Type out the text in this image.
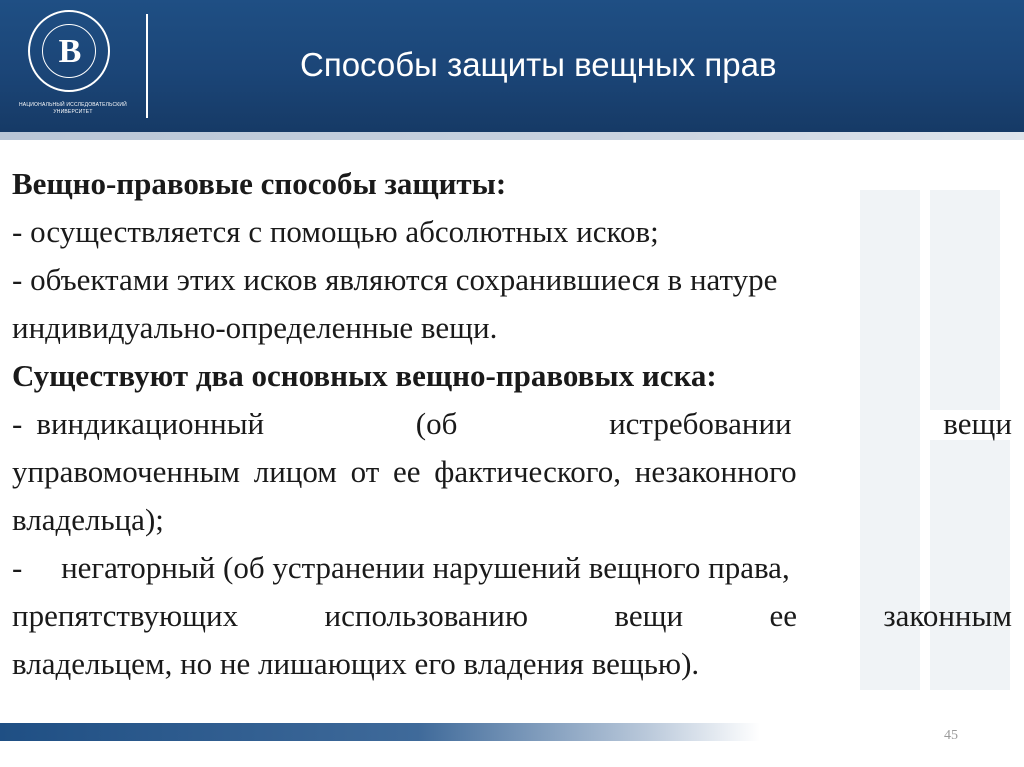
В
НАЦИОНАЛЬНЫЙ ИССЛЕДОВАТЕЛЬСКИЙ УНИВЕРСИТЕТ
Способы защиты вещных прав
Вещно-правовые способы защиты:
- осуществляется с помощью абсолютных исков;
- объектами этих исков являются сохранившиеся в натуре
индивидуально-определенные вещи.
Существуют два основных вещно-правовых иска:
- виндикационный	(об	истребовании	вещи
управомоченным лицом от ее фактического, незаконного
владельца);
-     негаторный (об устранении нарушений вещного права,
препятствующих	использованию	вещи	ее	законным
владельцем, но не лишающих его владения вещью).
45
